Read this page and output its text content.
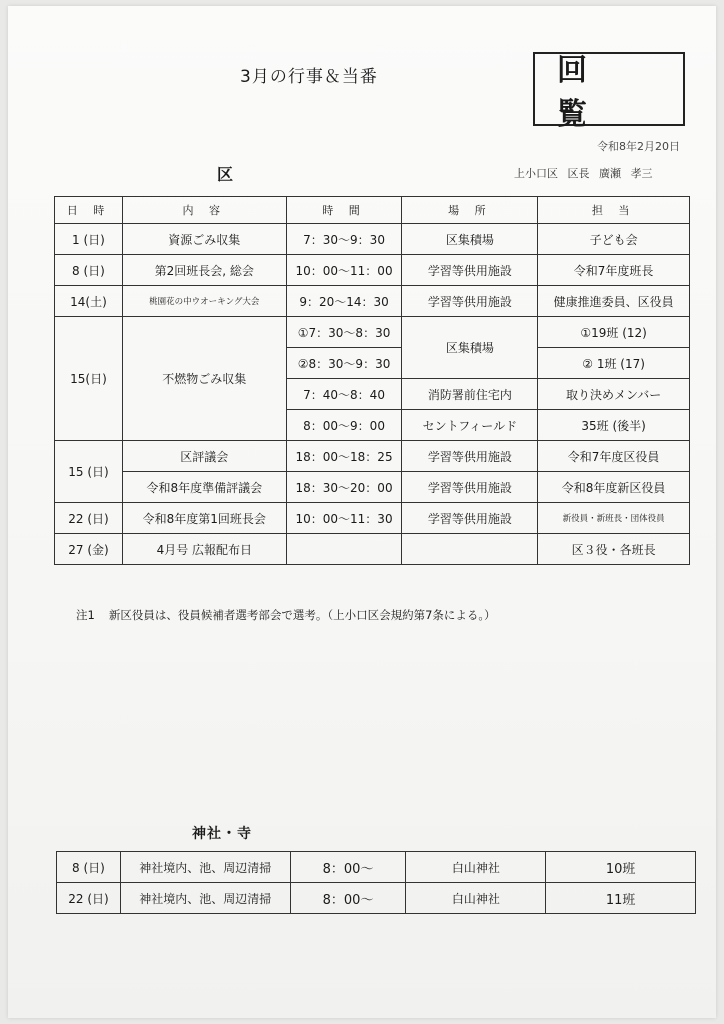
3月の行事＆当番	回 覧
令和8年2月20日
区	上小口区 区長 廣瀬 孝三
日 時	内 容	時 間	場 所	担 当
1 (日)	資源ごみ収集	7：30～9：30	区集積場	子ども会
8 (日)	第2回班長会, 総会	10：00～11：00	学習等供用施設	令和7年度班長
14(土)	桃園花の中ウオーキング大会	9：20～14：30	学習等供用施設	健康推進委員、区役員
15(日)	不燃物ごみ収集	①7：30～8：30	区集積場	①19班 (12)
		②8：30～9：30		② 1班 (17)
		7：40～8：40	消防署前住宅内	取り決めメンバー
		8：00～9：00	セントフィールド	35班 (後半)
15 (日)	区評議会	18：00～18：25	学習等供用施設	令和7年度区役員
	令和8年度準備評議会	18：30～20：00	学習等供用施設	令和8年度新区役員
22 (日)	令和8年度第1回班長会	10：00～11：30	学習等供用施設	新役員・新班長・団体役員
27 (金)	4月号 広報配布日			区３役・各班長
注1 新区役員は、役員候補者選考部会で選考。（上小口区会規約第7条による。）
神社・寺
8 (日)	神社境内、池、周辺清掃	8：00～	白山神社	10班
22 (日)	神社境内、池、周辺清掃	8：00～	白山神社	11班
